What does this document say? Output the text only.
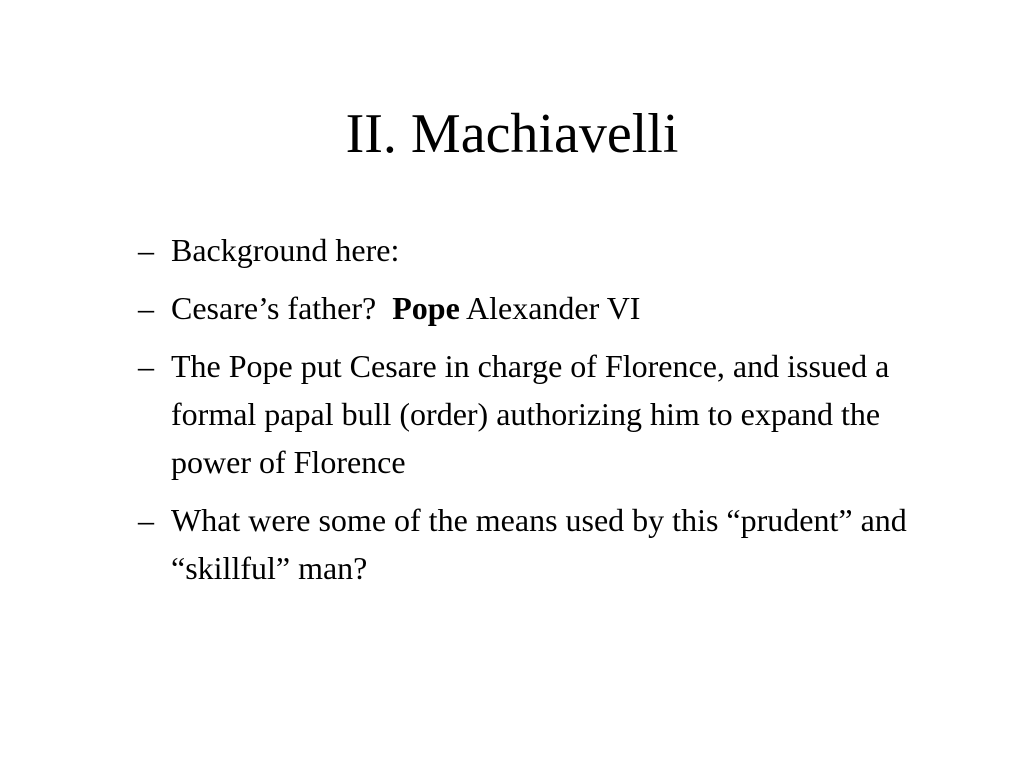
II. Machiavelli
– Background here:
– Cesare’s father?  Pope Alexander VI
– The Pope put Cesare in charge of Florence, and issued a formal papal bull (order) authorizing him to expand the power of Florence
– What were some of the means used by this “prudent” and “skillful” man?
